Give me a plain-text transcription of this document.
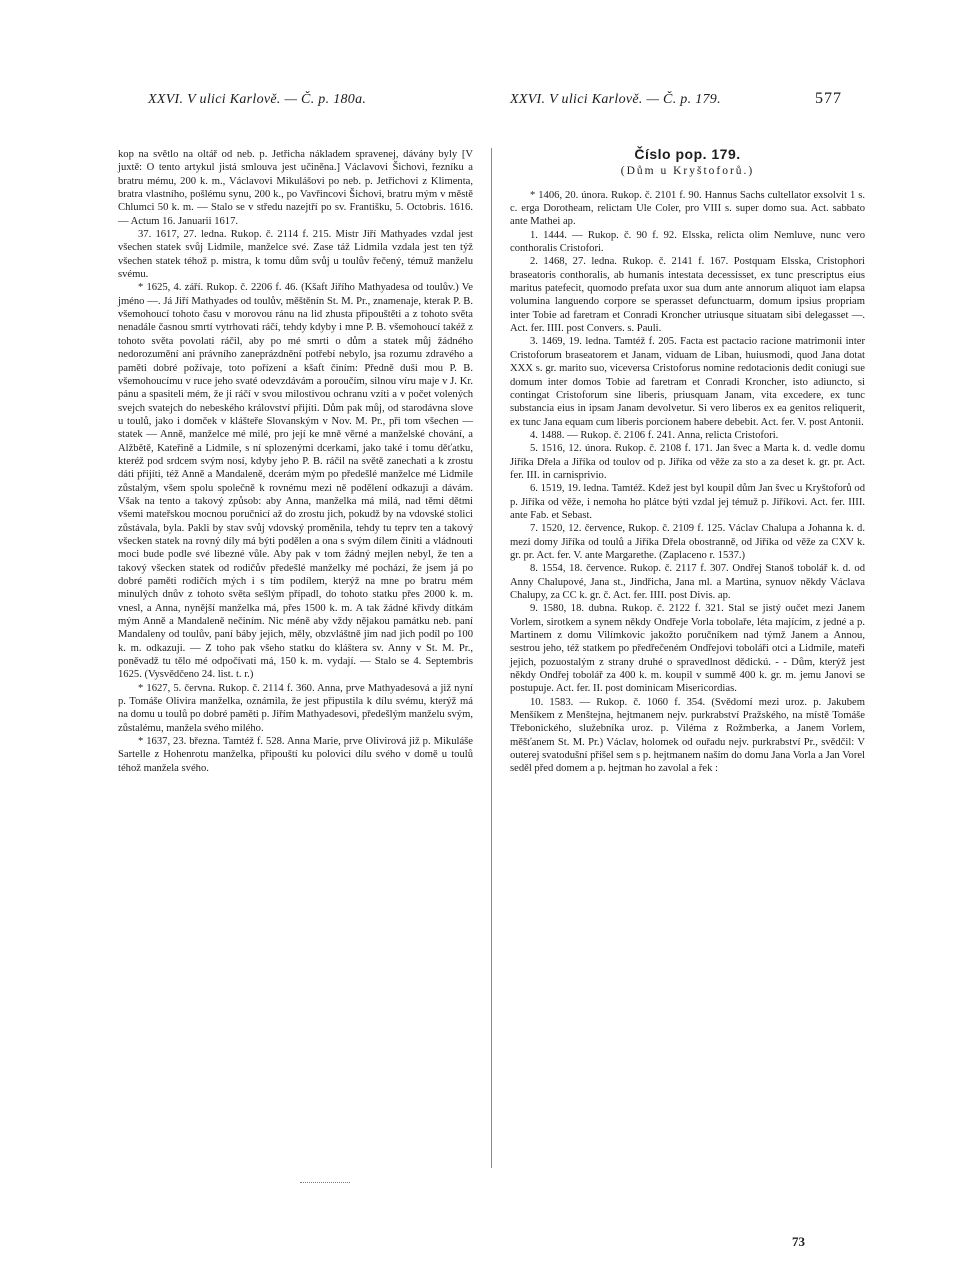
XXVI. V ulici Karlově. — Č. p. 180a.	XXVI. V ulici Karlově. — Č. p. 179.	577

kop na světlo na oltář od neb. p. Jetřicha nákladem spravenej, dávány byly [V juxtě: O tento artykul jistá smlouva jest učiněna.] Václavovi Šichovi, řezníku a bratru mému, 200 k. m., Václavovi Mikulášovi po neb. p. Jetřichovi z Klimenta, bratra vlastního, pošlému synu, 200 k., po Vavřincovi Šichovi, bratru mým v městě Chlumci 50 k. m. — Stalo se v středu nazejtří po sv. Františku, 5. Octobris. 1616. — Actum 16. Januarii 1617.

37. 1617, 27. ledna. Rukop. č. 2114 f. 215. Mistr Jiří Mathyades vzdal jest všechen statek svůj Lidmile, manželce své. Zase táž Lidmila vzdala jest ten týž všechen statek téhož p. mistra, k tomu dům svůj u toulův řečený, témuž manželu svému.

* 1625, 4. září. Rukop. č. 2206 f. 46. (Kšaft Jiřího Mathyadesa od toulův.) Ve jméno —. Já Jiří Mathyades od toulův, měštěnín St. M. Pr., znamenaje, kterak P. B. všemohoucí tohoto času v morovou ránu na lid zhusta připouštěti a z tohoto světa nenadále časnou smrtí vytrhovati ráčí, tehdy kdyby i mne P. B. všemohoucí takéž z tohoto světa povolati ráčil, aby po mé smrti o dům a statek můj žádného nedorozumění ani právního zaneprázdnění potřebí nebylo, jsa rozumu zdravého a paměti dobré požívaje, toto pořízení a kšaft činím: Předně duši mou P. B. všemohoucímu v ruce jeho svaté odevzdávám a poroučím, silnou víru maje v J. Kr. pánu a spasiteli mém, že ji ráčí v svou milostivou ochranu vzíti a v počet volených svejch svatejch do nebeského království přijíti. Dům pak můj, od starodávna slove u toulů, jako i domček v klášteře Slovanským v Nov. M. Pr., při tom všechen — statek — Anně, manželce mé milé, pro její ke mně věrné a manželské chování, a Alžbětě, Kateřině a Lidmile, s ní splozenými dcerkami, jako také i tomu děťatku, kteréž pod srdcem svým nosí, kdyby jeho P. B. ráčil na světě zanechati a k zrostu dáti přijíti, též Anně a Mandaleně, dcerám mým po předešlé manželce mé Lidmile zůstalým, všem spolu společně k rovnému mezi ně podělení odkazuji a dávám. Však na tento a takový způsob: aby Anna, manželka má milá, nad těmi dětmi všemi mateřskou mocnou poručnicí až do zrostu jich, pokudž by na vdovské stolici zůstávala, byla. Pakli by stav svůj vdovský proměnila, tehdy tu teprv ten a takový všecken statek na rovný díly má býti podělen a ona s svým dílem činiti a vládnouti moci bude podle své libezné vůle. Aby pak v tom žádný mejlen nebyl, že ten a takový všecken statek od rodičův předešlé manželky mé pochází, že jsem já po dobré paměti rodičích mých i s tím podílem, kterýž na mne po bratru mém minulých dnův z tohoto světa sešlým případl, do tohoto statku přes 2000 k. m. vnesl, a Anna, nynější manželka má, přes 1500 k. m. A tak žádné křivdy dítkám mým Anně a Mandaleně nečiním. Nic méně aby vždy nějakou památku neb. paní Mandaleny od toulův, paní báby jejich, měly, obzvláštně jim nad jich podíl po 100 k. m. odkazuji. — Z toho pak všeho statku do kláštera sv. Anny v St. M. Pr., poněvadž tu tělo mé odpočívati má, 150 k. m. vydají. — Stalo se 4. Septembris 1625. (Vysvědčeno 24. list. t. r.)

* 1627, 5. června. Rukop. č. 2114 f. 360. Anna, prve Mathyadesová a již nyní p. Tomáše Olivira manželka, oznámila, že jest připustila k dílu svému, kterýž má na domu u toulů po dobré paměti p. Jiřím Mathyadesovi, předešlým manželu svým, zůstalému, manžela svého milého.

* 1637, 23. března. Tamtéž f. 528. Anna Marie, prve Olivirová již p. Mikuláše Sartelle z Hohenrotu manželka, připouští ku polovici dílu svého v domě u toulů téhož manžela svého.

Číslo pop. 179.

(Dům u Kryštoforů.)

* 1406, 20. února. Rukop. č. 2101 f. 90. Hannus Sachs cultellator exsolvit 1 s. c. erga Dorotheam, relictam Ule Coler, pro VIII s. super domo sua. Act. sabbato ante Mathei ap.

1. 1444. — Rukop. č. 90 f. 92. Elsska, relicta olim Nemluve, nunc vero conthoralis Cristofori.

2. 1468, 27. ledna. Rukop. č. 2141 f. 167. Postquam Elsska, Cristophori braseatoris conthoralis, ab humanis intestata decessisset, ex tunc prescriptus eius maritus patefecit, quomodo prefata uxor sua dum ante annorum aliquot iam elapsa volumina languendo corpore se sperasset defunctuarm, domum ipsius propriam inter Tobie ad faretram et Conradi Kroncher utriusque situatam sibi delegasset —. Act. fer. IIII. post Convers. s. Pauli.

3. 1469, 19. ledna. Tamtéž f. 205. Facta est pactacio racione matrimonii inter Cristoforum braseatorem et Janam, viduam de Liban, huiusmodi, quod Jana dotat XXX s. gr. marito suo, viceversa Cristoforus nomine redotacionis dedit coniugi sue domum inter domos Tobie ad faretram et Conradi Kroncher, isto adiuncto, si contingat Cristoforum sine liberis, priusquam Janam, vita excedere, ex tunc substancia eius in ipsam Janam devolvetur. Si vero liberos ex ea genitos reliquerit, ex tunc Jana equam cum liberis porcionem habere debebit. Act. fer. V. post Antonii.

4. 1488. — Rukop. č. 2106 f. 241. Anna, relicta Cristofori.

5. 1516, 12. února. Rukop. č. 2108 f. 171. Jan švec a Marta k. d. vedle domu Jiříka Dřela a Jiříka od toulov od p. Jiříka od věže za sto a za deset k. gr. pr. Act. fer. III. in carnisprivio.

6. 1519, 19. ledna. Tamtéž. Kdež jest byl koupil dům Jan švec u Kryštoforů od p. Jiříka od věže, i nemoha ho plátce býti vzdal jej témuž p. Jiříkovi. Act. fer. IIII. ante Fab. et Sebast.

7. 1520, 12. července, Rukop. č. 2109 f. 125. Václav Chalupa a Johanna k. d. mezi domy Jiříka od toulů a Jiříka Dřela obostranně, od Jiříka od věže za CXV k. gr. pr. Act. fer. V. ante Margarethe. (Zaplaceno r. 1537.)

8. 1554, 18. července. Rukop. č. 2117 f. 307. Ondřej Stanoš tobolář k. d. od Anny Chalupové, Jana st., Jindřicha, Jana ml. a Martina, synuov někdy Václava Chalupy, za CC k. gr. č. Act. fer. IIII. post Divis. ap.

9. 1580, 18. dubna. Rukop. č. 2122 f. 321. Stal se jistý oučet mezi Janem Vorlem, sirotkem a synem někdy Ondřeje Vorla tobolaře, léta majícím, z jedné a p. Martinem z domu Vilímkovic jakožto poručníkem nad týmž Janem a Annou, sestrou jeho, též statkem po předřečeném Ondřejovi toboláři otci a Lidmile, mateři jejich, pozuostalým z strany druhé o spravedlnost dědickú. - - Dům, kterýž jest někdy Ondřej tobolář za 400 k. m. koupil v summě 400 k. gr. m. jemu Janovi se postupuje. Act. fer. II. post dominicam Misericordias.

10. 1583. — Rukop. č. 1060 f. 354. (Svědomí mezi uroz. p. Jakubem Menšíkem z Menštejna, hejtmanem nejv. purkrabství Pražského, na místě Tomáše Třebonického, služebníka uroz. p. Viléma z Rožmberka, a Janem Vorlem, měšťanem St. M. Pr.) Václav, holomek od ouřadu nejv. purkrabství Pr., svědčil: V outerej svatodušní přišel sem s p. hejtmanem naším do domu Jana Vorla a Jan Vorel seděl před domem a p. hejtman ho zavolal a řek :

73
